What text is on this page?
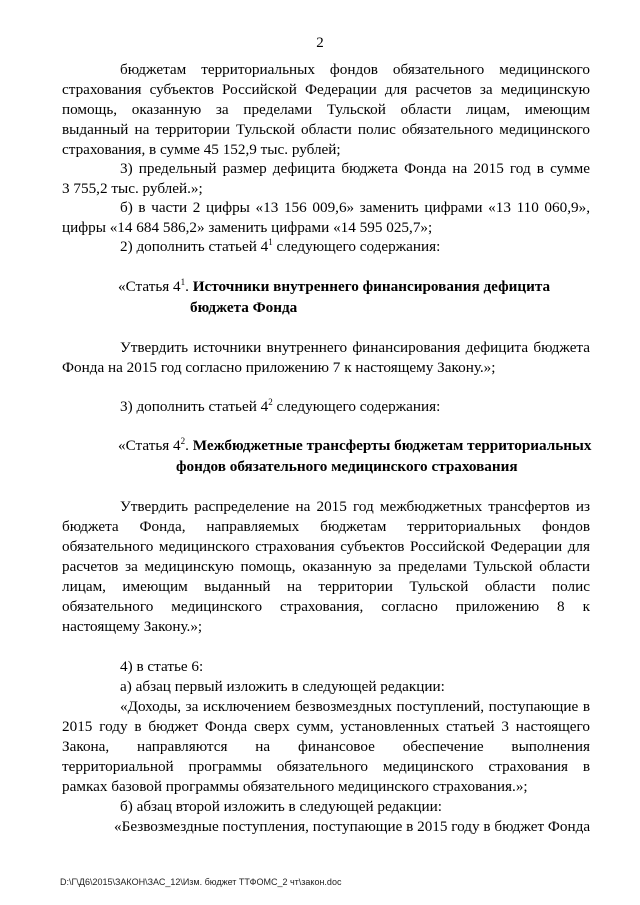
2
бюджетам территориальных фондов обязательного медицинского
страхования субъектов Российской Федерации для расчетов за медицинскую
помощь, оказанную за пределами Тульской области лицам, имеющим
выданный на территории Тульской области полис обязательного медицинского
страхования, в сумме 45 152,9 тыс. рублей;
3) предельный размер дефицита бюджета Фонда на 2015 год в сумме
3 755,2 тыс. рублей.»;
б) в части 2 цифры «13 156 009,6» заменить цифрами «13 110 060,9»,
цифры «14 684 586,2» заменить цифрами «14 595 025,7»;
2) дополнить статьей $4^1$ следующего содержания:
«Статья $4^1$. Источники внутреннего финансирования дефицита
бюджета Фонда
Утвердить источники внутреннего финансирования дефицита бюджета
Фонда на 2015 год согласно приложению 7 к настоящему Закону.»;
3) дополнить статьей $4^2$ следующего содержания:
«Статья $4^2$. Межбюджетные трансферты бюджетам территориальных
фондов обязательного медицинского страхования
Утвердить распределение на 2015 год межбюджетных трансфертов из
бюджета Фонда, направляемых бюджетам территориальных фондов
обязательного медицинского страхования субъектов Российской Федерации для
расчетов за медицинскую помощь, оказанную за пределами Тульской области
лицам, имеющим выданный на территории Тульской области полис
обязательного медицинского страхования, согласно приложению 8 к
настоящему Закону.»;
4) в статье 6:
а) абзац первый изложить в следующей редакции:
«Доходы, за исключением безвозмездных поступлений, поступающие в
2015 году в бюджет Фонда сверх сумм, установленных статьей 3 настоящего
Закона, направляются на финансовое обеспечение выполнения
территориальной программы обязательного медицинского страхования в
рамках базовой программы обязательного медицинского страхования.»;
б) абзац второй изложить в следующей редакции:
«Безвозмездные поступления, поступающие в 2015 году в бюджет Фонда
D:\Г\Д6\2015\ЗАКОН\ЗАС_12\Изм. бюджет ТТФОМС_2 чт\закон.doc
